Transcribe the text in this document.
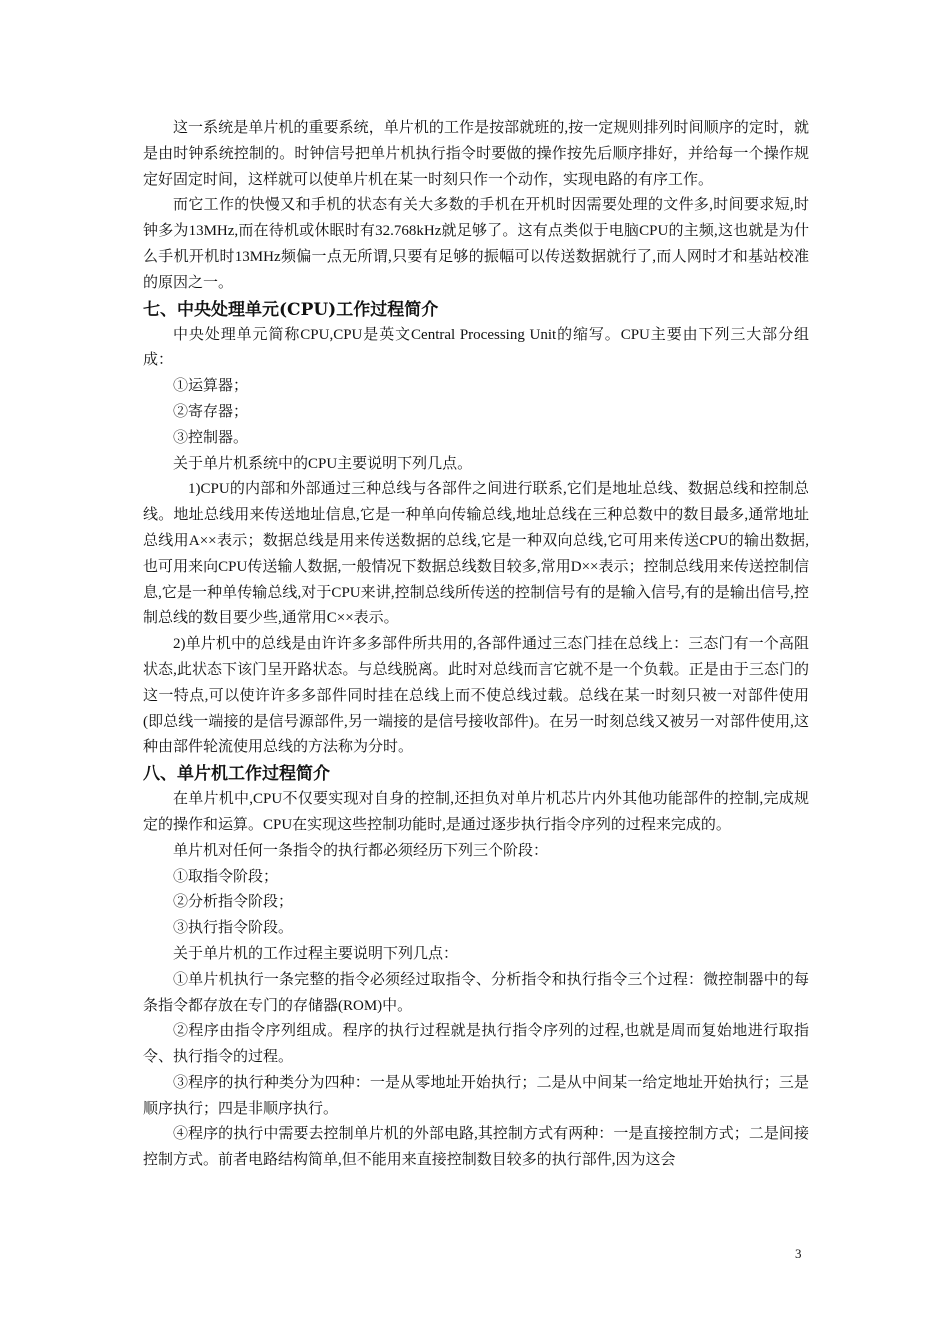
这一系统是单片机的重要系统，单片机的工作是按部就班的,按一定规则排列时间顺序的定时，就是由时钟系统控制的。时钟信号把单片机执行指令时要做的操作按先后顺序排好，并给每一个操作规定好固定时间，这样就可以使单片机在某一时刻只作一个动作，实现电路的有序工作。

而它工作的快慢又和手机的状态有关大多数的手机在开机时因需要处理的文件多,时间要求短,时钟多为13MHz,而在待机或休眠时有32.768kHz就足够了。这有点类似于电脑CPU的主频,这也就是为什么手机开机时13MHz频偏一点无所谓,只要有足够的振幅可以传送数据就行了,而人网时才和基站校准的原因之一。

七、中央处理单元(CPU)工作过程简介

中央处理单元简称CPU,CPU是英文Central Processing Unit的缩写。CPU主要由下列三大部分组成：

①运算器；

②寄存器；

③控制器。

关于单片机系统中的CPU主要说明下列几点。

1)CPU的内部和外部通过三种总线与各部件之间进行联系,它们是地址总线、数据总线和控制总线。地址总线用来传送地址信息,它是一种单向传输总线,地址总线在三种总数中的数目最多,通常地址总线用A××表示；数据总线是用来传送数据的总线,它是一种双向总线,它可用来传送CPU的输出数据,也可用来向CPU传送输人数据,一般情况下数据总线数目较多,常用D××表示；控制总线用来传送控制信息,它是一种单传输总线,对于CPU来讲,控制总线所传送的控制信号有的是输入信号,有的是输出信号,控制总线的数目要少些,通常用C××表示。

2)单片机中的总线是由许许多多部件所共用的,各部件通过三态门挂在总线上：三态门有一个高阻状态,此状态下该门呈开路状态。与总线脱离。此时对总线而言它就不是一个负载。正是由于三态门的这一特点,可以使许许多多部件同时挂在总线上而不使总线过载。总线在某一时刻只被一对部件使用(即总线一端接的是信号源部件,另一端接的是信号接收部件)。在另一时刻总线又被另一对部件使用,这种由部件轮流使用总线的方法称为分时。

八、单片机工作过程简介

在单片机中,CPU不仅要实现对自身的控制,还担负对单片机芯片内外其他功能部件的控制,完成规定的操作和运算。CPU在实现这些控制功能时,是通过逐步执行指令序列的过程来完成的。

单片机对任何一条指令的执行都必须经历下列三个阶段：

①取指令阶段；

②分析指令阶段；

③执行指令阶段。

关于单片机的工作过程主要说明下列几点：

①单片机执行一条完整的指令必须经过取指令、分析指令和执行指令三个过程：微控制器中的每条指令都存放在专门的存储器(ROM)中。

②程序由指令序列组成。程序的执行过程就是执行指令序列的过程,也就是周而复始地进行取指令、执行指令的过程。

③程序的执行种类分为四种：一是从零地址开始执行；二是从中间某一给定地址开始执行；三是顺序执行；四是非顺序执行。

④程序的执行中需要去控制单片机的外部电路,其控制方式有两种：一是直接控制方式；二是间接控制方式。前者电路结构简单,但不能用来直接控制数目较多的执行部件,因为这会

3
